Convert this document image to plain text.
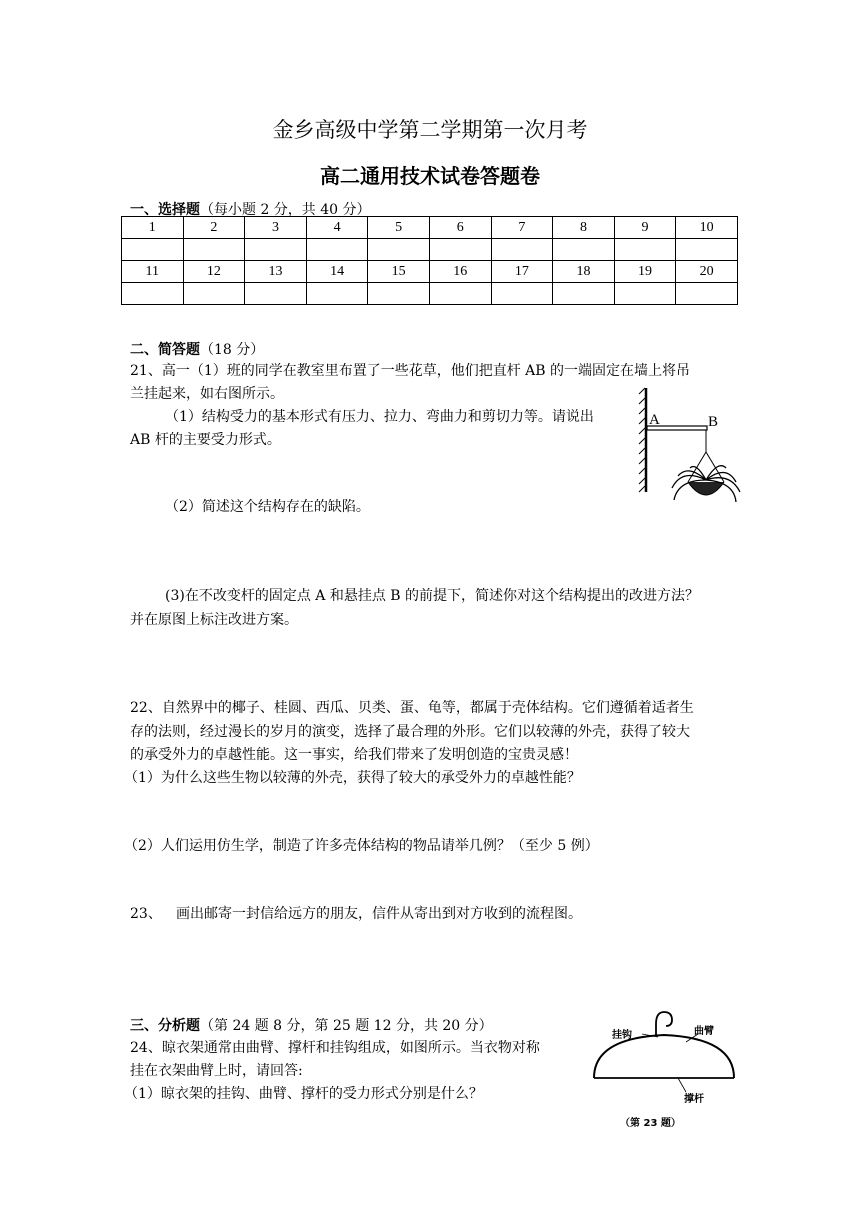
金乡高级中学第二学期第一次月考
高二通用技术试卷答题卷
一、选择题（每小题 2 分，共 40 分）
1	2	3	4	5	6	7	8	9	10

11	12	13	14	15	16	17	18	19	20

二、简答题（18 分）
21、高一（1）班的同学在教室里布置了一些花草，他们把直杆 AB 的一端固定在墙上将吊
兰挂起来，如右图所示。
（1）结构受力的基本形式有压力、拉力、弯曲力和剪切力等。请说出
AB 杆的主要受力形式。
A	B
（2）简述这个结构存在的缺陷。
(3)在不改变杆的固定点 A 和悬挂点 B 的前提下，简述你对这个结构提出的改进方法？
并在原图上标注改进方案。
22、自然界中的椰子、桂圆、西瓜、贝类、蛋、龟等，都属于壳体结构。它们遵循着适者生
存的法则，经过漫长的岁月的演变，选择了最合理的外形。它们以较薄的外壳，获得了较大
的承受外力的卓越性能。这一事实，给我们带来了发明创造的宝贵灵感！
（1）为什么这些生物以较薄的外壳，获得了较大的承受外力的卓越性能？
（2）人们运用仿生学，制造了许多壳体结构的物品请举几例？（至少 5 例）
23、 画出邮寄一封信给远方的朋友，信件从寄出到对方收到的流程图。
三、分析题（第 24 题 8 分，第 25 题 12 分，共 20 分）
24、晾衣架通常由曲臂、撑杆和挂钩组成，如图所示。当衣物对称
挂在衣架曲臂上时，请回答:
（1）晾衣架的挂钩、曲臂、撑杆的受力形式分别是什么？
挂钩	曲臂
撑杆
（第 23 题）
